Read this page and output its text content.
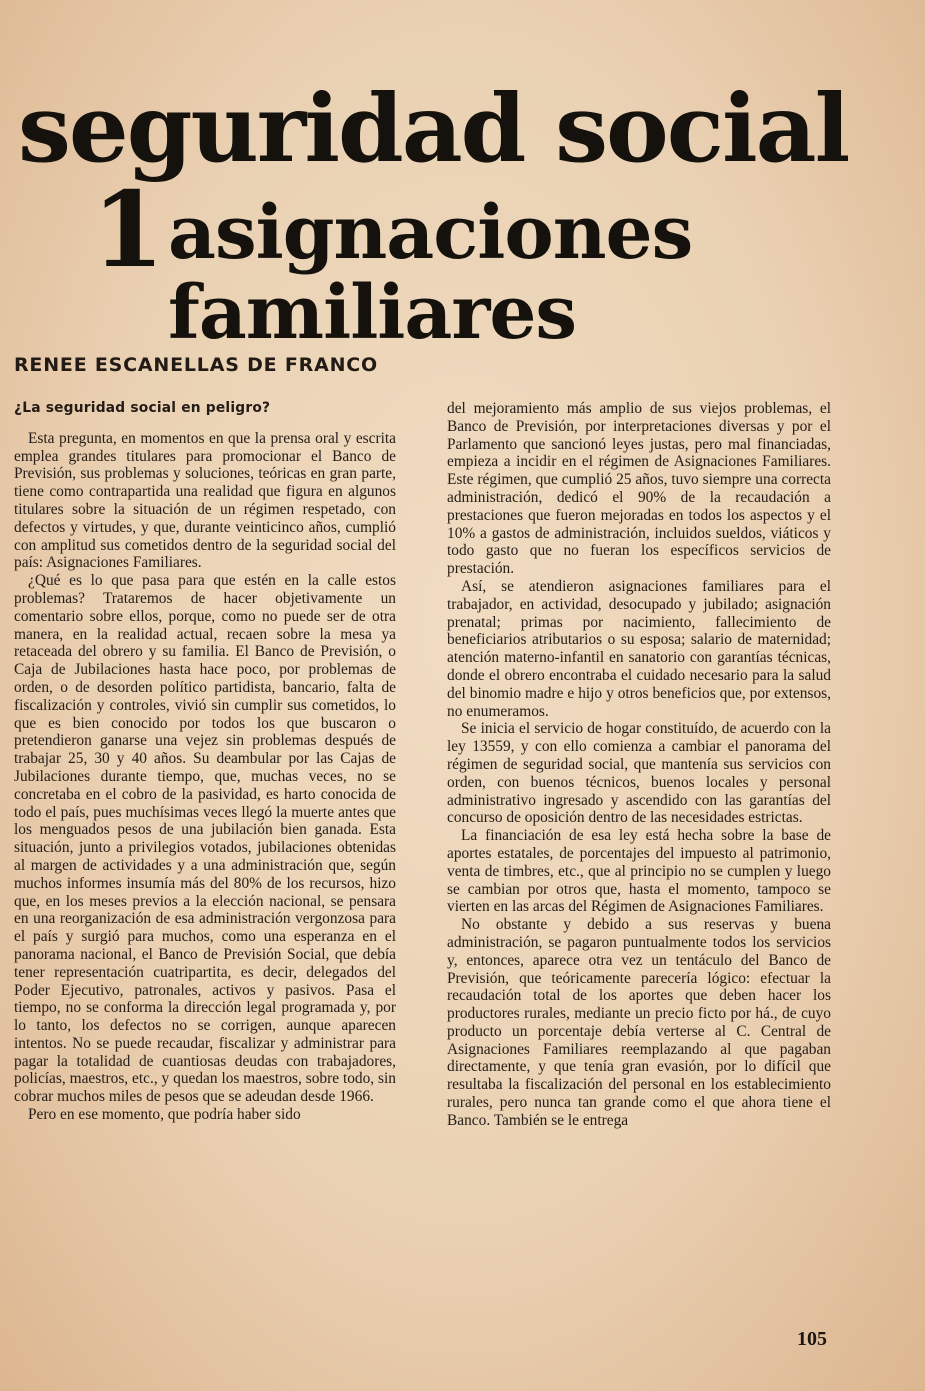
seguridad social
1 asignaciones
familiares
RENEE ESCANELLAS DE FRANCO
¿La seguridad social en peligro?

Esta pregunta, en momentos en que la prensa oral y escrita emplea grandes titulares para promocionar el Banco de Previsión, sus problemas y soluciones, teóricas en gran parte, tiene como contrapartida una realidad que figura en algunos titulares sobre la situación de un régimen respetado, con defectos y virtudes, y que, durante veinticinco años, cumplió con amplitud sus cometidos dentro de la seguridad social del país: Asignaciones Familiares.

¿Qué es lo que pasa para que estén en la calle estos problemas? Trataremos de hacer objetivamente un comentario sobre ellos, porque, como no puede ser de otra manera, en la realidad actual, recaen sobre la mesa ya retaceada del obrero y su familia. El Banco de Previsión, o Caja de Jubilaciones hasta hace poco, por problemas de orden, o de desorden político partidista, bancario, falta de fiscalización y controles, vivió sin cumplir sus cometidos, lo que es bien conocido por todos los que buscaron o pretendieron ganarse una vejez sin problemas después de trabajar 25, 30 y 40 años. Su deambular por las Cajas de Jubilaciones durante tiempo, que, muchas veces, no se concretaba en el cobro de la pasividad, es harto conocida de todo el país, pues muchísimas veces llegó la muerte antes que los menguados pesos de una jubilación bien ganada. Esta situación, junto a privilegios votados, jubilaciones obtenidas al margen de actividades y a una administración que, según muchos informes insumía más del 80% de los recursos, hizo que, en los meses previos a la elección nacional, se pensara en una reorganización de esa administración vergonzosa para el país y surgió para muchos, como una esperanza en el panorama nacional, el Banco de Previsión Social, que debía tener representación cuatripartita, es decir, delegados del Poder Ejecutivo, patronales, activos y pasivos. Pasa el tiempo, no se conforma la dirección legal programada y, por lo tanto, los defectos no se corrigen, aunque aparecen intentos. No se puede recaudar, fiscalizar y administrar para pagar la totalidad de cuantiosas deudas con trabajadores, policías, maestros, etc., y quedan los maestros, sobre todo, sin cobrar muchos miles de pesos que se adeudan desde 1966.

Pero en ese momento, que podría haber sido

del mejoramiento más amplio de sus viejos problemas, el Banco de Previsión, por interpretaciones diversas y por el Parlamento que sancionó leyes justas, pero mal financiadas, empieza a incidir en el régimen de Asignaciones Familiares. Este régimen, que cumplió 25 años, tuvo siempre una correcta administración, dedicó el 90% de la recaudación a prestaciones que fueron mejoradas en todos los aspectos y el 10% a gastos de administración, incluidos sueldos, viáticos y todo gasto que no fueran los específicos servicios de prestación.

Así, se atendieron asignaciones familiares para el trabajador, en actividad, desocupado y jubilado; asignación prenatal; primas por nacimiento, fallecimiento de beneficiarios atributarios o su esposa; salario de maternidad; atención materno-infantil en sanatorio con garantías técnicas, donde el obrero encontraba el cuidado necesario para la salud del binomio madre e hijo y otros beneficios que, por extensos, no enumeramos.

Se inicia el servicio de hogar constituído, de acuerdo con la ley 13559, y con ello comienza a cambiar el panorama del régimen de seguridad social, que mantenía sus servicios con orden, con buenos técnicos, buenos locales y personal administrativo ingresado y ascendido con las garantías del concurso de oposición dentro de las necesidades estrictas.

La financiación de esa ley está hecha sobre la base de aportes estatales, de porcentajes del impuesto al patrimonio, venta de timbres, etc., que al principio no se cumplen y luego se cambian por otros que, hasta el momento, tampoco se vierten en las arcas del Régimen de Asignaciones Familiares.

No obstante y debido a sus reservas y buena administración, se pagaron puntualmente todos los servicios y, entonces, aparece otra vez un tentáculo del Banco de Previsión, que teóricamente parecería lógico: efectuar la recaudación total de los aportes que deben hacer los productores rurales, mediante un precio ficto por há., de cuyo producto un porcentaje debía verterse al C. Central de Asignaciones Familiares reemplazando al que pagaban directamente, y que tenía gran evasión, por lo difícil que resultaba la fiscalización del personal en los establecimiento rurales, pero nunca tan grande como el que ahora tiene el Banco. También se le entrega

105
